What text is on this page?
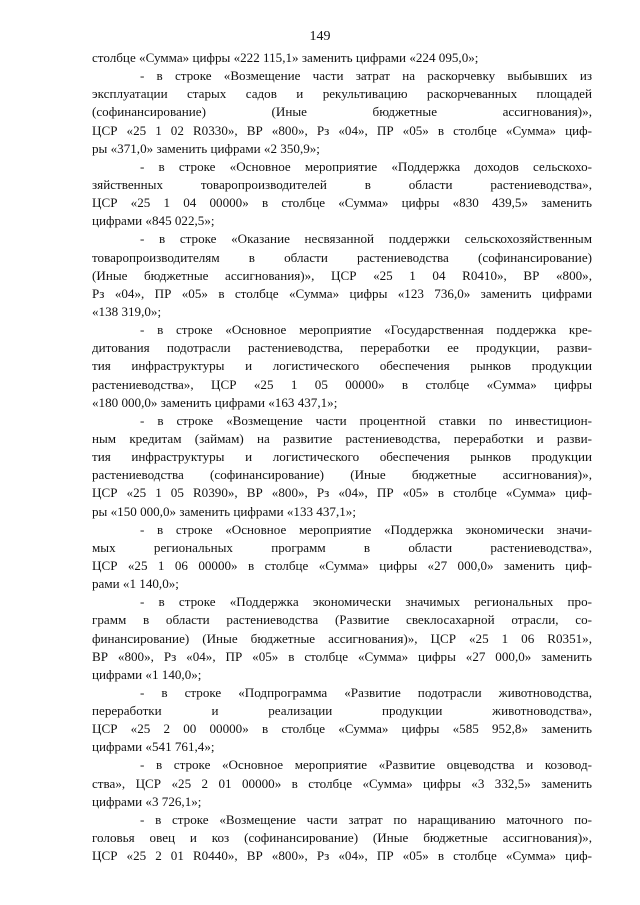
149
столбце «Сумма» цифры «222 115,1» заменить цифрами «224 095,0»;
- в строке «Возмещение части затрат на раскорчевку выбывших из
эксплуатации старых садов и рекультивацию раскорчеванных площадей
(софинансирование) (Иные бюджетные ассигнования)»,
ЦСР «25 1 02 R0330», ВР «800», Рз «04», ПР «05» в столбце «Сумма» циф-
ры «371,0» заменить цифрами «2 350,9»;
- в строке «Основное мероприятие «Поддержка доходов сельскохо-
зяйственных товаропроизводителей в области растениеводства»,
ЦСР «25 1 04 00000» в столбце «Сумма» цифры «830 439,5» заменить
цифрами «845 022,5»;
- в строке «Оказание несвязанной поддержки сельскохозяйственным
товаропроизводителям в области растениеводства (софинансирование)
(Иные бюджетные ассигнования)», ЦСР «25 1 04 R0410», ВР «800»,
Рз «04», ПР «05» в столбце «Сумма» цифры «123 736,0» заменить цифрами
«138 319,0»;
- в строке «Основное мероприятие «Государственная поддержка кре-
дитования подотрасли растениеводства, переработки ее продукции, разви-
тия инфраструктуры и логистического обеспечения рынков продукции
растениеводства», ЦСР «25 1 05 00000» в столбце «Сумма» цифры
«180 000,0» заменить цифрами «163 437,1»;
- в строке «Возмещение части процентной ставки по инвестицион-
ным кредитам (займам) на развитие растениеводства, переработки и разви-
тия инфраструктуры и логистического обеспечения рынков продукции
растениеводства (софинансирование) (Иные бюджетные ассигнования)»,
ЦСР «25 1 05 R0390», ВР «800», Рз «04», ПР «05» в столбце «Сумма» циф-
ры «150 000,0» заменить цифрами «133 437,1»;
- в строке «Основное мероприятие «Поддержка экономически значи-
мых региональных программ в области растениеводства»,
ЦСР «25 1 06 00000» в столбце «Сумма» цифры «27 000,0» заменить циф-
рами «1 140,0»;
- в строке «Поддержка экономически значимых региональных про-
грамм в области растениеводства (Развитие свеклосахарной отрасли, со-
финансирование) (Иные бюджетные ассигнования)», ЦСР «25 1 06 R0351»,
ВР «800», Рз «04», ПР «05» в столбце «Сумма» цифры «27 000,0» заменить
цифрами «1 140,0»;
- в строке «Подпрограмма «Развитие подотрасли животноводства,
переработки и реализации продукции животноводства»,
ЦСР «25 2 00 00000» в столбце «Сумма» цифры «585 952,8» заменить
цифрами «541 761,4»;
- в строке «Основное мероприятие «Развитие овцеводства и козовод-
ства», ЦСР «25 2 01 00000» в столбце «Сумма» цифры «3 332,5» заменить
цифрами «3 726,1»;
- в строке «Возмещение части затрат по наращиванию маточного по-
головья овец и коз (софинансирование) (Иные бюджетные ассигнования)»,
ЦСР «25 2 01 R0440», ВР «800», Рз «04», ПР «05» в столбце «Сумма» циф-
